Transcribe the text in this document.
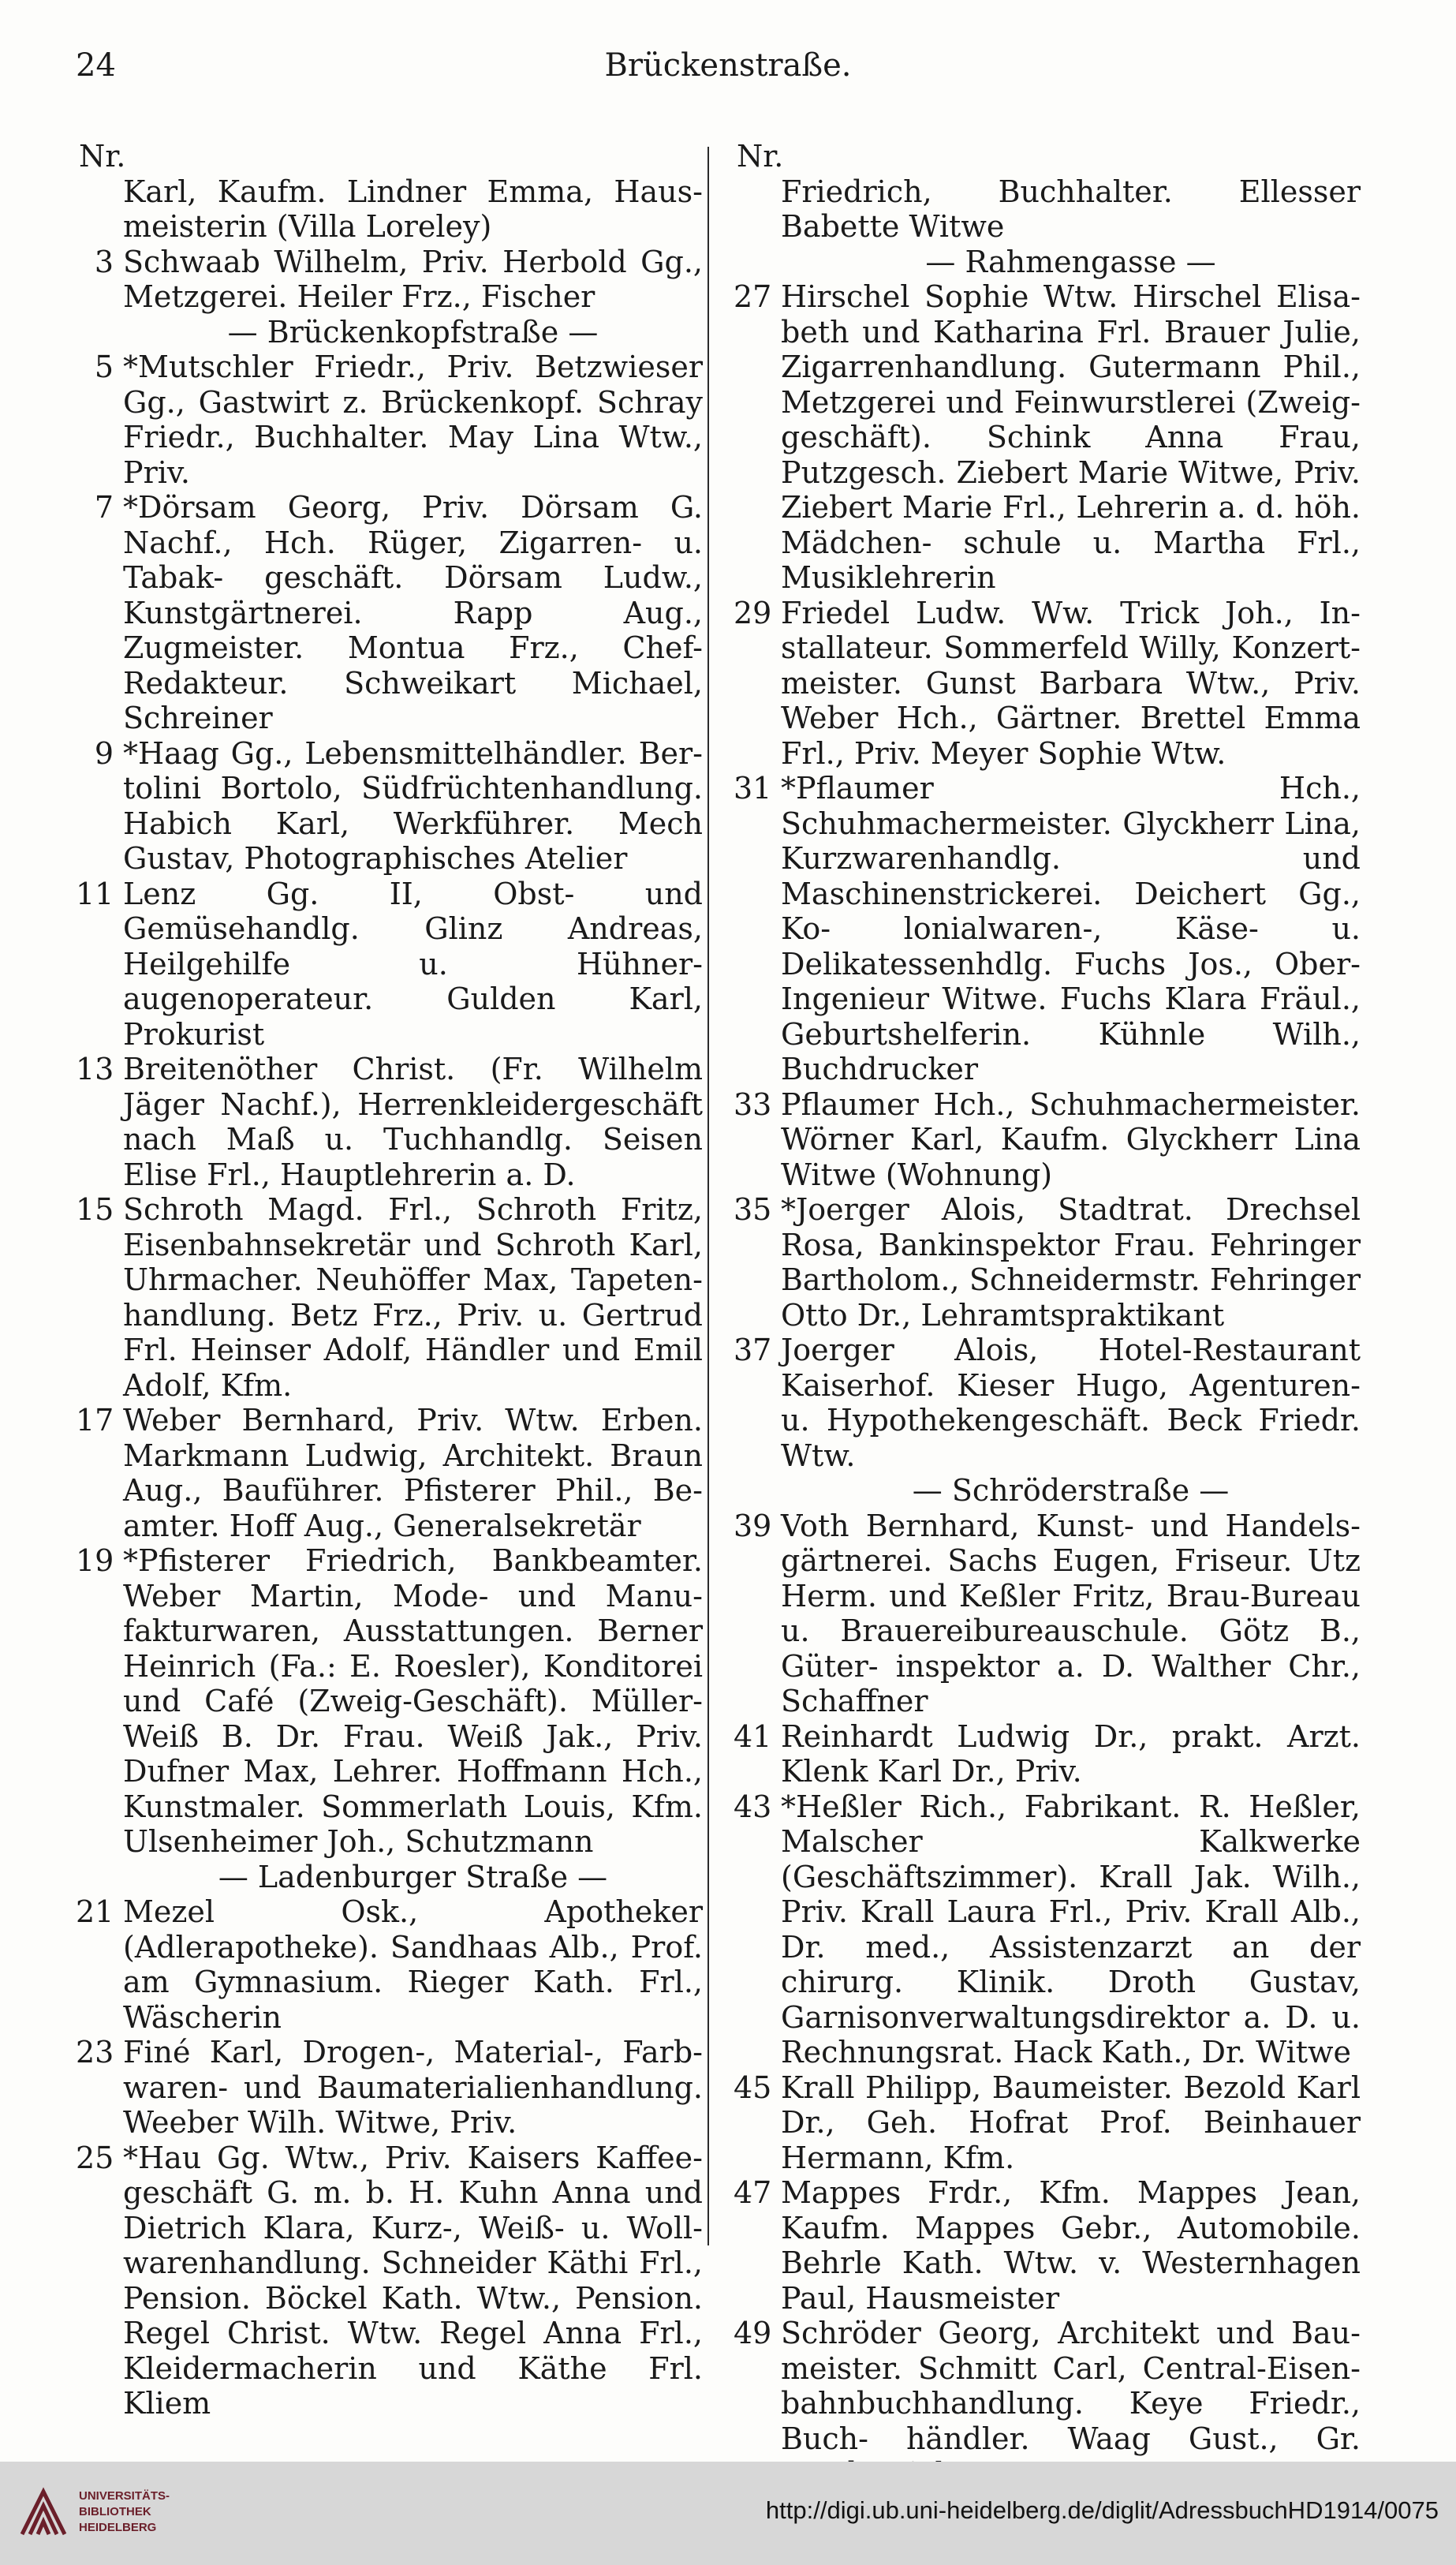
24	Brückenstraße.
Nr.
Karl, Kaufm. Lindner Emma, Haus- meisterin (Villa Loreley)
3 Schwaab Wilhelm, Priv. Herbold Gg., Metzgerei. Heiler Frz., Fischer
— Brückenkopfstraße —
5 *Mutschler Friedr., Priv. Betzwieser Gg., Gastwirt z. Brückenkopf. Schray Friedr., Buchhalter. May Lina Wtw., Priv.
7 *Dörsam Georg, Priv. Dörsam G. Nachf., Hch. Rüger, Zigarren- u. Tabak- geschäft. Dörsam Ludw., Kunstgärtnerei. Rapp Aug., Zugmeister. Montua Frz., Chef-Redakteur. Schweikart Michael, Schreiner
9 *Haag Gg., Lebensmittelhändler. Ber- tolini Bortolo, Südfrüchtenhandlung. Habich Karl, Werkführer. Mech Gustav, Photographisches Atelier
11 Lenz Gg. II, Obst- und Gemüsehandlg. Glinz Andreas, Heilgehilfe u. Hühner- augenoperateur. Gulden Karl, Prokurist
13 Breitenöther Christ. (Fr. Wilhelm Jäger Nachf.), Herrenkleidergeschäft nach Maß u. Tuchhandlg. Seisen Elise Frl., Hauptlehrerin a. D.
15 Schroth Magd. Frl., Schroth Fritz, Eisenbahnsekretär und Schroth Karl, Uhrmacher. Neuhöffer Max, Tapeten- handlung. Betz Frz., Priv. u. Gertrud Frl. Heinser Adolf, Händler und Emil Adolf, Kfm.
17 Weber Bernhard, Priv. Wtw. Erben. Markmann Ludwig, Architekt. Braun Aug., Bauführer. Pfisterer Phil., Be- amter. Hoff Aug., Generalsekretär
19 *Pfisterer Friedrich, Bankbeamter. Weber Martin, Mode- und Manu- fakturwaren, Ausstattungen. Berner Heinrich (Fa.: E. Roesler), Konditorei und Café (Zweig-Geschäft). Müller- Weiß B. Dr. Frau. Weiß Jak., Priv. Dufner Max, Lehrer. Hoffmann Hch., Kunstmaler. Sommerlath Louis, Kfm. Ulsenheimer Joh., Schutzmann
— Ladenburger Straße —
21 Mezel Osk., Apotheker (Adlerapotheke). Sandhaas Alb., Prof. am Gymnasium. Rieger Kath. Frl., Wäscherin
23 Finé Karl, Drogen-, Material-, Farb- waren- und Baumaterialienhandlung. Weeber Wilh. Witwe, Priv.
25 *Hau Gg. Wtw., Priv. Kaisers Kaffee- geschäft G. m. b. H. Kuhn Anna und Dietrich Klara, Kurz-, Weiß- u. Woll- warenhandlung. Schneider Käthi Frl., Pension. Böckel Kath. Wtw., Pension. Regel Christ. Wtw. Regel Anna Frl., Kleidermacherin und Käthe Frl. Kliem
Nr.
Friedrich, Buchhalter. Ellesser Babette Witwe
— Rahmengasse —
27 Hirschel Sophie Wtw. Hirschel Elisa- beth und Katharina Frl. Brauer Julie, Zigarrenhandlung. Gutermann Phil., Metzgerei und Feinwurstlerei (Zweig- geschäft). Schink Anna Frau, Putzgesch. Ziebert Marie Witwe, Priv. Ziebert Marie Frl., Lehrerin a. d. höh. Mädchen- schule u. Martha Frl., Musiklehrerin
29 Friedel Ludw. Ww. Trick Joh., In- stallateur. Sommerfeld Willy, Konzert- meister. Gunst Barbara Wtw., Priv. Weber Hch., Gärtner. Brettel Emma Frl., Priv. Meyer Sophie Wtw.
31 *Pflaumer Hch., Schuhmachermeister. Glyckherr Lina, Kurzwarenhandlg. und Maschinenstrickerei. Deichert Gg., Ko- lonialwaren-, Käse- u. Delikatessenhdlg. Fuchs Jos., Ober-Ingenieur Witwe. Fuchs Klara Fräul., Geburtshelferin. Kühnle Wilh., Buchdrucker
33 Pflaumer Hch., Schuhmachermeister. Wörner Karl, Kaufm. Glyckherr Lina Witwe (Wohnung)
35 *Joerger Alois, Stadtrat. Drechsel Rosa, Bankinspektor Frau. Fehringer Bartholom., Schneidermstr. Fehringer Otto Dr., Lehramtspraktikant
37 Joerger Alois, Hotel-Restaurant Kaiserhof. Kieser Hugo, Agenturen- u. Hypothekengeschäft. Beck Friedr. Wtw.
— Schröderstraße —
39 Voth Bernhard, Kunst- und Handels- gärtnerei. Sachs Eugen, Friseur. Utz Herm. und Keßler Fritz, Brau-Bureau u. Brauereibureauschule. Götz B., Güter- inspektor a. D. Walther Chr., Schaffner
41 Reinhardt Ludwig Dr., prakt. Arzt. Klenk Karl Dr., Priv.
43 *Heßler Rich., Fabrikant. R. Heßler, Malscher Kalkwerke (Geschäftszimmer). Krall Jak. Wilh., Priv. Krall Laura Frl., Priv. Krall Alb., Dr. med., Assistenzarzt an der chirurg. Klinik. Droth Gustav, Garnisonverwaltungsdirektor a. D. u. Rechnungsrat. Hack Kath., Dr. Witwe
45 Krall Philipp, Baumeister. Bezold Karl Dr., Geh. Hofrat Prof. Beinhauer Hermann, Kfm.
47 Mappes Frdr., Kfm. Mappes Jean, Kaufm. Mappes Gebr., Automobile. Behrle Kath. Wtw. v. Westernhagen Paul, Hausmeister
49 Schröder Georg, Architekt und Bau- meister. Schmitt Carl, Central-Eisen- bahnbuchhandlung. Keye Friedr., Buch- händler. Waag Gust., Gr.
UNIVERSITÄTS-
BIBLIOTHEK
HEIDELBERG
http://digi.ub.uni-heidelberg.de/diglit/AdressbuchHD1914/0075
